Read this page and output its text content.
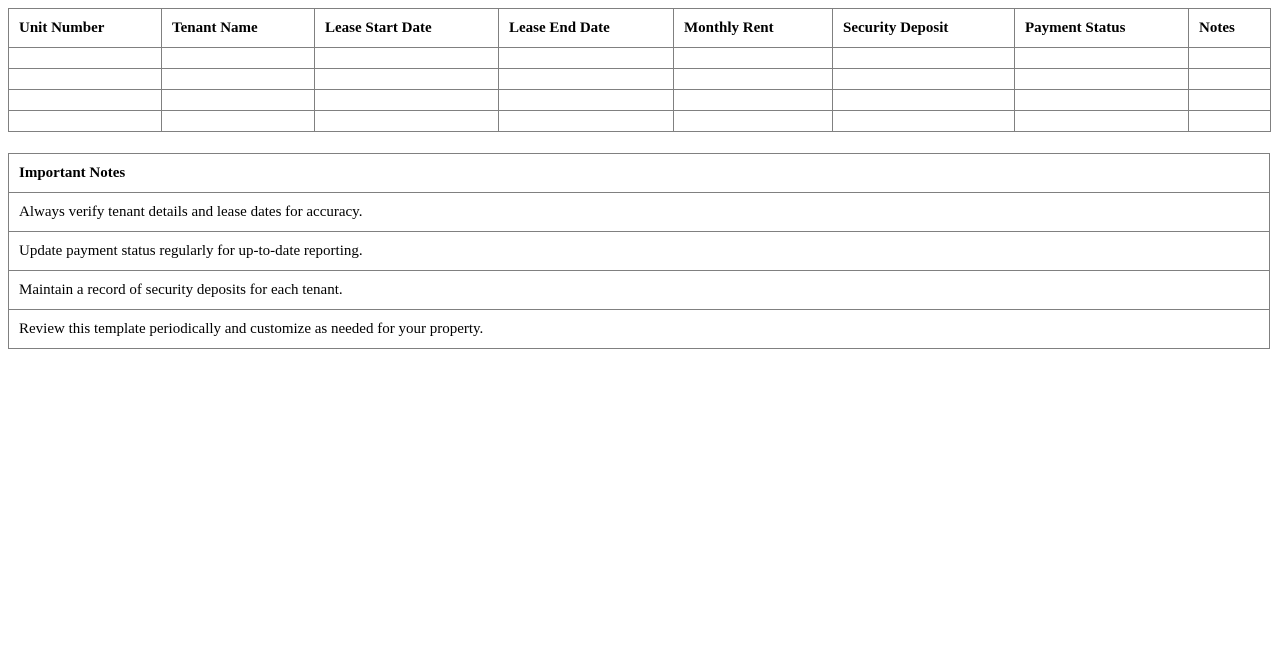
Unit Number	Tenant Name	Lease Start Date	Lease End Date	Monthly Rent	Security Deposit	Payment Status	Notes

Important Notes
Always verify tenant details and lease dates for accuracy.
Update payment status regularly for up-to-date reporting.
Maintain a record of security deposits for each tenant.
Review this template periodically and customize as needed for your property.
